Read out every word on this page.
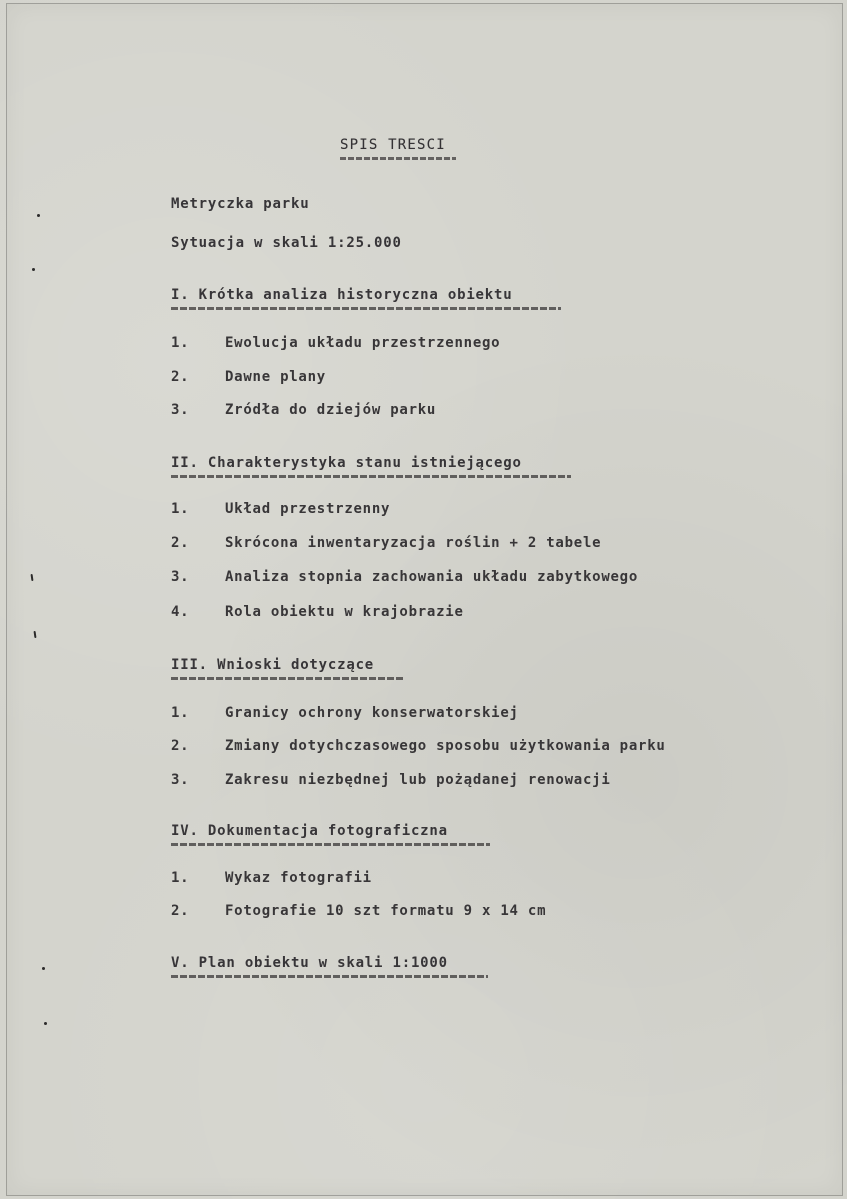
SPIS TRESCI
Metryczka parku
Sytuacja w skali 1:25.000
I. Krótka analiza historyczna obiektu
1.	Ewolucja układu przestrzennego
2.	Dawne plany
3.	Zródła do dziejów parku
II. Charakterystyka stanu istniejącego
1.	Układ przestrzenny
2.	Skrócona inwentaryzacja roślin + 2 tabele
3.	Analiza stopnia zachowania układu zabytkowego
4.	Rola obiektu w krajobrazie
III. Wnioski dotyczące
1.	Granicy ochrony konserwatorskiej
2.	Zmiany dotychczasowego sposobu użytkowania parku
3.	Zakresu niezbędnej lub pożądanej renowacji
IV. Dokumentacja fotograficzna
1.	Wykaz fotografii
2.	Fotografie 10 szt formatu 9 x 14 cm
V. Plan obiektu w skali 1:1000
